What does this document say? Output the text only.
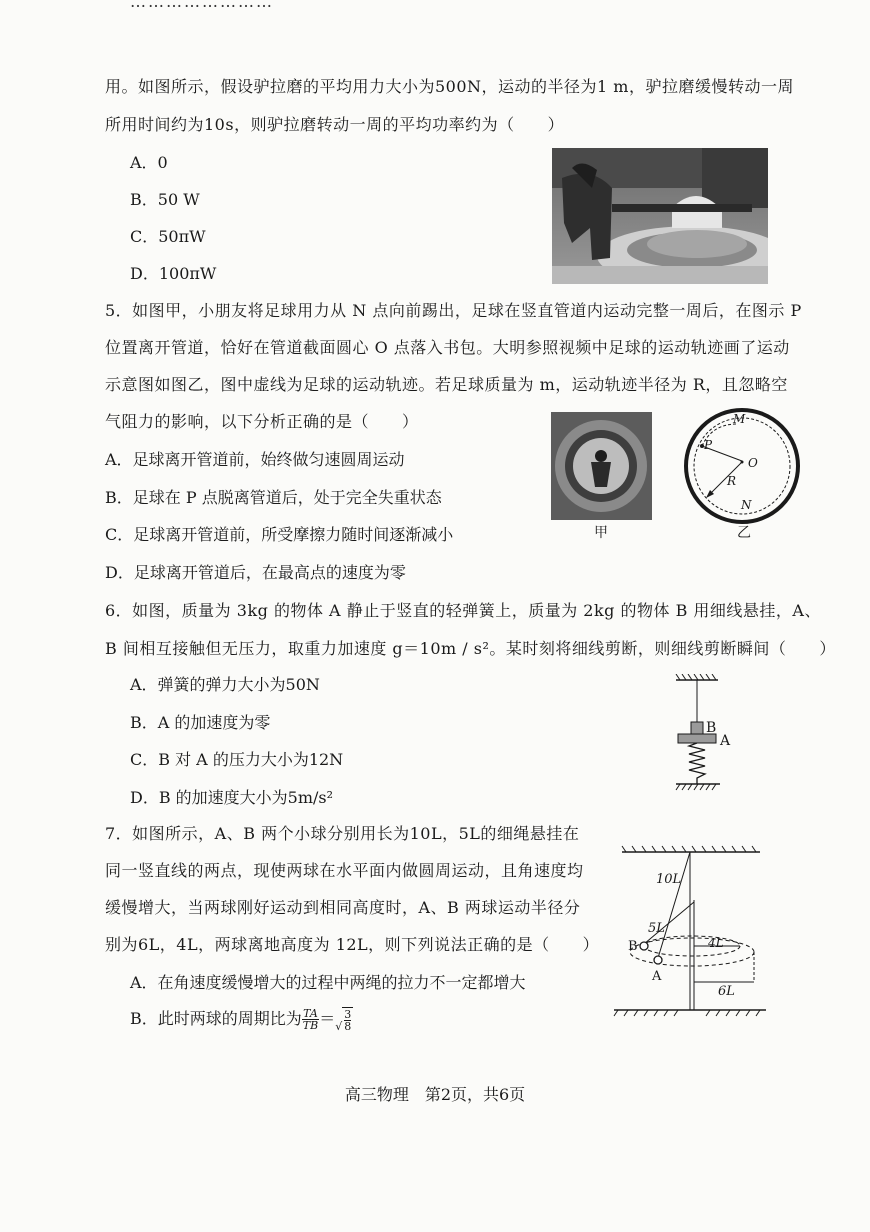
……………………
用。如图所示，假设驴拉磨的平均用力大小为500N，运动的半径为1 m，驴拉磨缓慢转动一周
所用时间约为10s，则驴拉磨转动一周的平均功率约为（　　）
A．0
B．50 W
C．50πW
D．100πW
5．如图甲，小朋友将足球用力从 N 点向前踢出，足球在竖直管道内运动完整一周后，在图示 P
位置离开管道，恰好在管道截面圆心 O 点落入书包。大明参照视频中足球的运动轨迹画了运动
示意图如图乙，图中虚线为足球的运动轨迹。若足球质量为 m，运动轨迹半径为 R，且忽略空
气阻力的影响，以下分析正确的是（　　）
A．足球离开管道前，始终做匀速圆周运动
B．足球在 P 点脱离管道后，处于完全失重状态
C．足球离开管道前，所受摩擦力随时间逐渐减小
D．足球离开管道后，在最高点的速度为零
甲
M
P
O
R
N
乙
6．如图，质量为 3kg 的物体 A 静止于竖直的轻弹簧上，质量为 2kg 的物体 B 用细线悬挂，A、
B 间相互接触但无压力，取重力加速度 g＝10m / s²。某时刻将细线剪断，则细线剪断瞬间（　　）
A．弹簧的弹力大小为50N
B．A 的加速度为零
C．B 对 A 的压力大小为12N
D．B 的加速度大小为5m/s²
B
A
7．如图所示，A、B 两个小球分别用长为10L，5L的细绳悬挂在
同一竖直线的两点，现使两球在水平面内做圆周运动，且角速度均
缓慢增大，当两球刚好运动到相同高度时，A、B 两球运动半径分
别为6L，4L，两球离地高度为 12L，则下列说法正确的是（　　）
A．在角速度缓慢增大的过程中两绳的拉力不一定都增大
B．此时两球的周期比为 $\frac{TA}{TB}$ ＝√ $\frac{3}{8}$
10L
5L
4L
B
A
6L
高三物理　第2页，共6页
